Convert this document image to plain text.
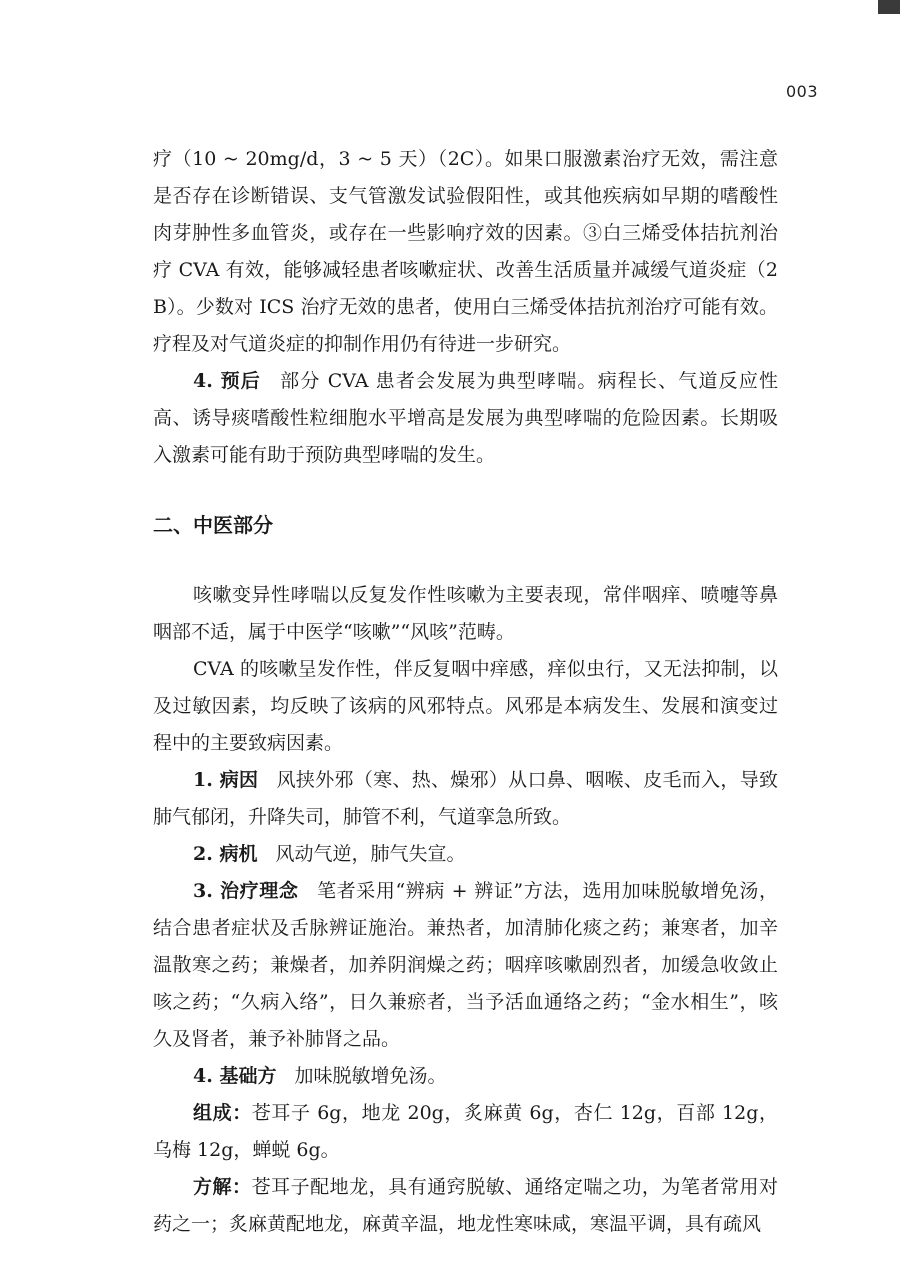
003

疗（10 ~ 20mg/d，3 ~ 5 天）（2C）。如果口服激素治疗无效，需注意是否存在诊断错误、支气管激发试验假阳性，或其他疾病如早期的嗜酸性肉芽肿性多血管炎，或存在一些影响疗效的因素。③白三烯受体拮抗剂治疗 CVA 有效，能够减轻患者咳嗽症状、改善生活质量并减缓气道炎症（2B）。少数对 ICS 治疗无效的患者，使用白三烯受体拮抗剂治疗可能有效。疗程及对气道炎症的抑制作用仍有待进一步研究。

4. 预后 部分 CVA 患者会发展为典型哮喘。病程长、气道反应性高、诱导痰嗜酸性粒细胞水平增高是发展为典型哮喘的危险因素。长期吸入激素可能有助于预防典型哮喘的发生。

二、中医部分

咳嗽变异性哮喘以反复发作性咳嗽为主要表现，常伴咽痒、喷嚏等鼻咽部不适，属于中医学“咳嗽”“风咳”范畴。

CVA 的咳嗽呈发作性，伴反复咽中痒感，痒似虫行，又无法抑制，以及过敏因素，均反映了该病的风邪特点。风邪是本病发生、发展和演变过程中的主要致病因素。

1. 病因 风挟外邪（寒、热、燥邪）从口鼻、咽喉、皮毛而入，导致肺气郁闭，升降失司，肺管不利，气道挛急所致。

2. 病机 风动气逆，肺气失宣。

3. 治疗理念 笔者采用“辨病 + 辨证”方法，选用加味脱敏增免汤，结合患者症状及舌脉辨证施治。兼热者，加清肺化痰之药；兼寒者，加辛温散寒之药；兼燥者，加养阴润燥之药；咽痒咳嗽剧烈者，加缓急收敛止咳之药；“久病入络”，日久兼瘀者，当予活血通络之药；“金水相生”，咳久及肾者，兼予补肺肾之品。

4. 基础方 加味脱敏增免汤。

组成：苍耳子 6g，地龙 20g，炙麻黄 6g，杏仁 12g，百部 12g，乌梅 12g，蝉蜕 6g。

方解：苍耳子配地龙，具有通窍脱敏、通络定喘之功，为笔者常用对药之一；炙麻黄配地龙，麻黄辛温，地龙性寒味咸，寒温平调，具有疏风
